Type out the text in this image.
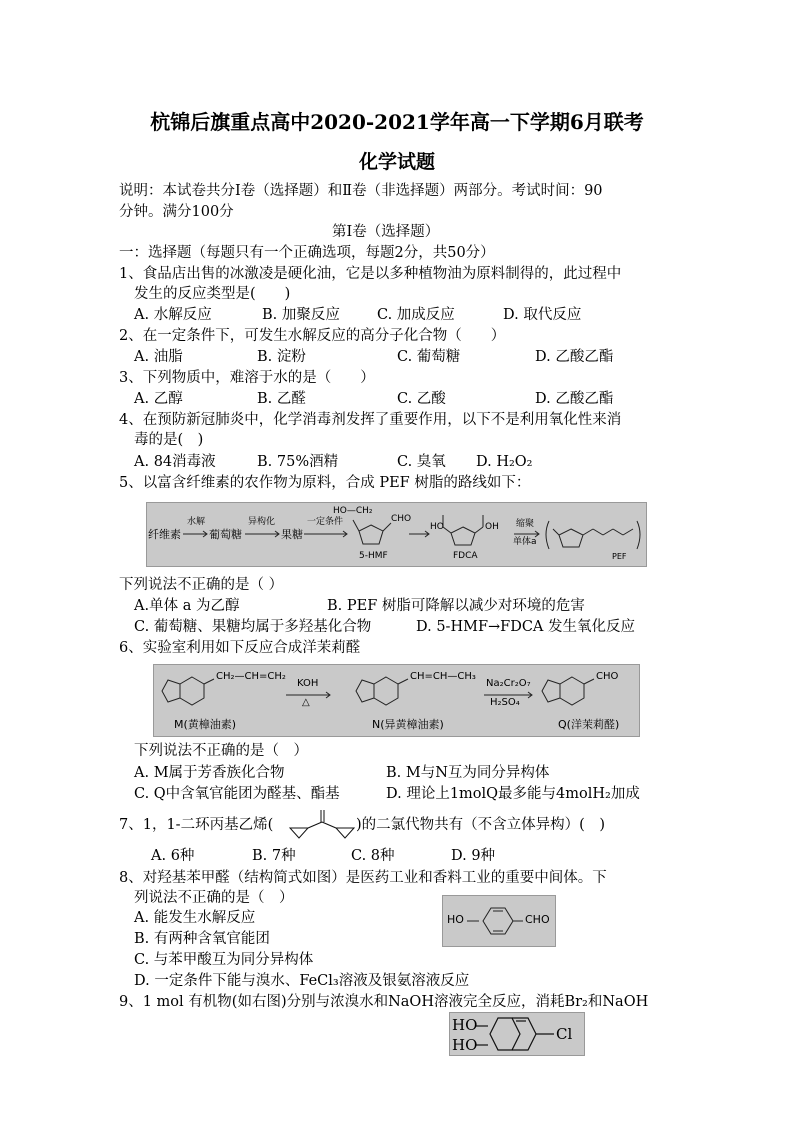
杭锦后旗重点高中2020-2021学年高一下学期6月联考
化学试题
说明：本试卷共分Ⅰ卷（选择题）和Ⅱ卷（非选择题）两部分。考试时间：90
分钟。满分100分
第Ⅰ卷（选择题）
一：选择题（每题只有一个正确选项，每题2分，共50分）
1、食品店出售的冰激凌是硬化油，它是以多种植物油为原料制得的，此过程中
发生的反应类型是(　　)
A. 水解反应	B. 加聚反应	C. 加成反应	D. 取代反应
2、在一定条件下，可发生水解反应的高分子化合物（　　）
A. 油脂	B. 淀粉	C. 葡萄糖	D. 乙酸乙酯
3、下列物质中，难溶于水的是（　　）
A. 乙醇	B. 乙醛	C. 乙酸	D. 乙酸乙酯
4、在预防新冠肺炎中，化学消毒剂发挥了重要作用，以下不是利用氧化性来消
毒的是(　)
A. 84消毒液	B. 75%酒精	C. 臭氧 D. H₂O₂
5、以富含纤维素的农作物为原料，合成 PEF 树脂的路线如下：
纤维素
水解
葡萄糖
异构化
果糖
一定条件
HO—CH₂
CHO
5-HMF
HO	OH
FDCA
缩聚
单体a
PEF
下列说法不正确的是（ ）
A.单体 a 为乙醇	B. PEF 树脂可降解以减少对环境的危害
C. 葡萄糖、果糖均属于多羟基化合物	D. 5-HMF→FDCA 发生氧化反应
6、实验室利用如下反应合成洋茉莉醛
CH₂—CH=CH₂
KOH
△
CH=CH—CH₃
Na₂Cr₂O₇
H₂SO₄
CHO
M(黄樟油素)	N(异黄樟油素)	Q(洋茉莉醛)
下列说法不正确的是（　）
A. M属于芳香族化合物	B. M与N互为同分异构体
C. Q中含氧官能团为醛基、酯基	D. 理论上1molQ最多能与4molH₂加成
7、1，1-二环丙基乙烯(	)的二氯代物共有（不含立体异构）(　)
A. 6种	B. 7种	C. 8种	D. 9种
8、对羟基苯甲醛（结构简式如图）是医药工业和香料工业的重要中间体。下
列说法不正确的是（　）
HO	CHO
A. 能发生水解反应
B. 有两种含氧官能团
C. 与苯甲酸互为同分异构体
D. 一定条件下能与溴水、FeCl₃溶液及银氨溶液反应
9、1 mol 有机物(如右图)分别与浓溴水和NaOH溶液完全反应，消耗Br₂和NaOH
HO
HO
Cl
